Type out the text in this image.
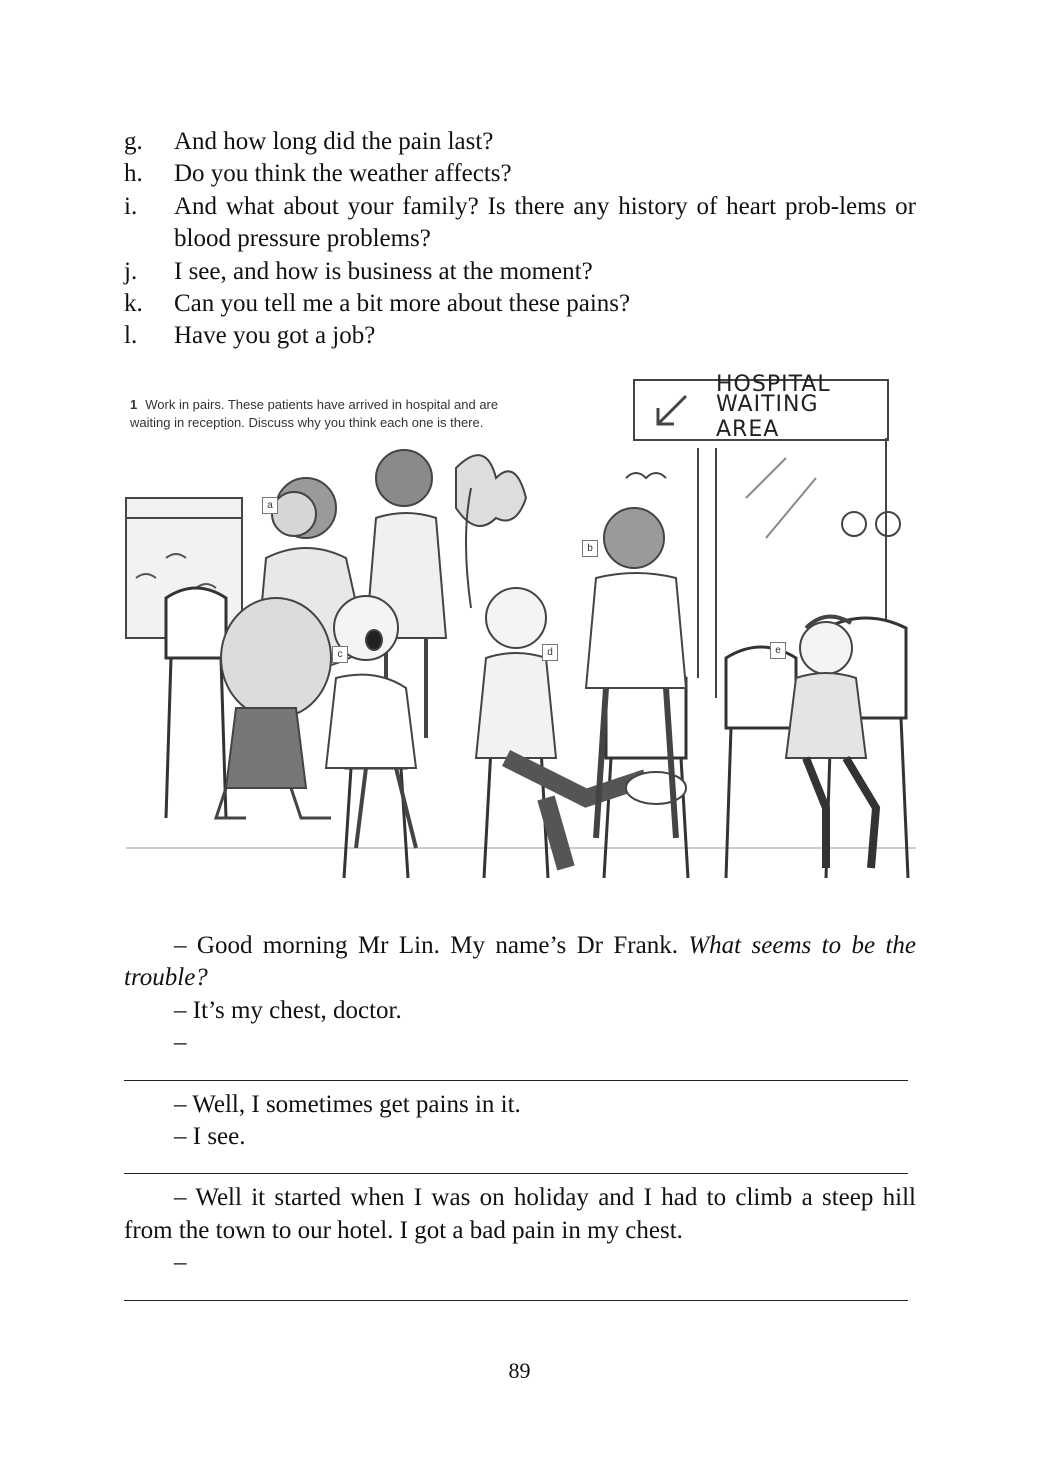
g.	And how long did the pain last?
h.	Do you think the weather affects?
i.	And what about your family? Is there any history of heart prob-lems or blood pressure problems?
j.	I see, and how is business at the moment?
k.	Can you tell me a bit more about these pains?
l.	Have you got a job?
1 Work in pairs. These patients have arrived in hospital and are waiting in reception. Discuss why you think each one is there.
HOSPITAL
WAITING
AREA
a
b
c	d	e
– Good morning Mr Lin. My name’s Dr Frank. What seems to be the trouble?
– It’s my chest, doctor.
–
– Well, I sometimes get pains in it.
– I see.
– Well it started when I was on holiday and I had to climb a steep hill from the town to our hotel. I got a bad pain in my chest.
–
89
